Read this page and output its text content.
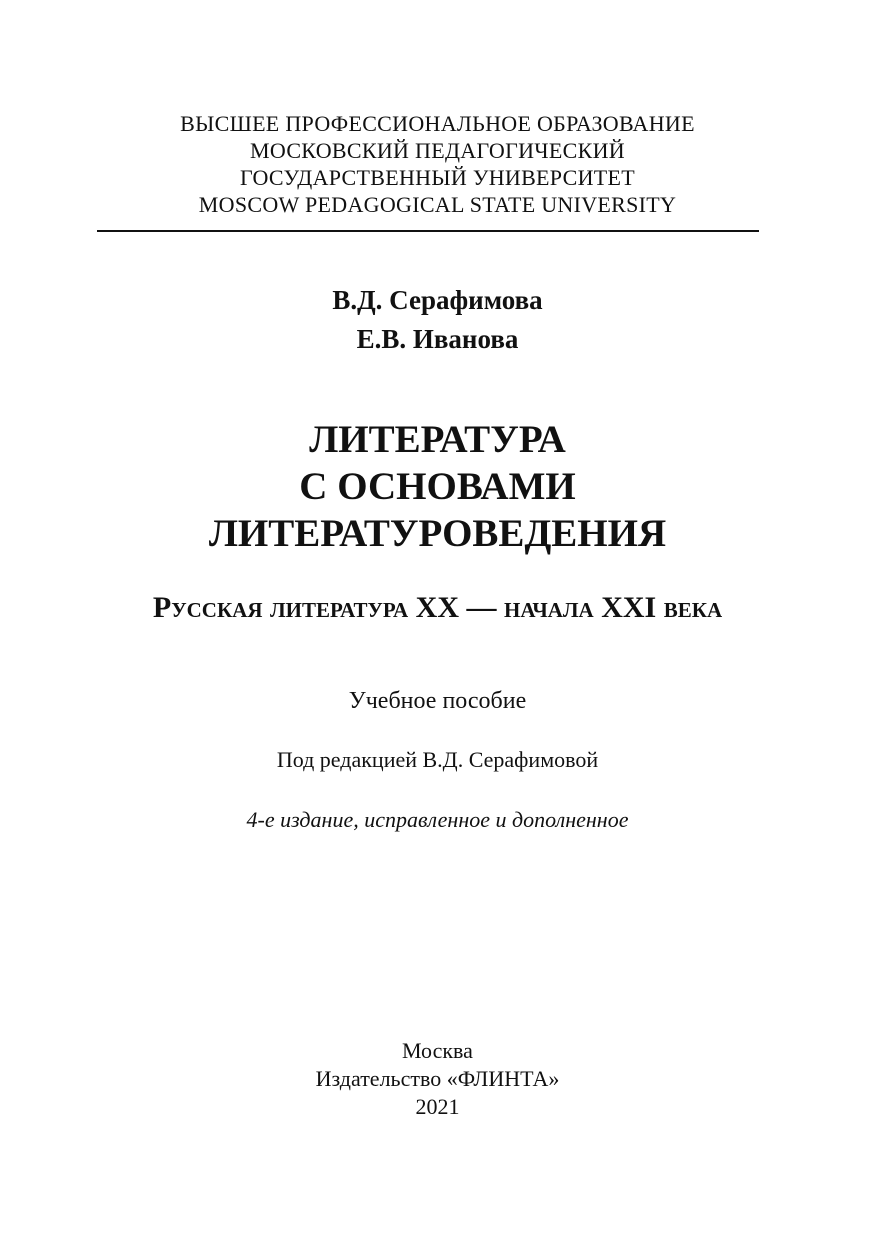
ВЫСШЕЕ ПРОФЕССИОНАЛЬНОЕ ОБРАЗОВАНИЕ
МОСКОВСКИЙ ПЕДАГОГИЧЕСКИЙ
ГОСУДАРСТВЕННЫЙ УНИВЕРСИТЕТ
MOSCOW PEDAGOGICAL STATE UNIVERSITY
В.Д. Серафимова
Е.В. Иванова
ЛИТЕРАТУРА
С ОСНОВАМИ
ЛИТЕРАТУРОВЕДЕНИЯ
Русская литература XX — начала XXI века
Учебное пособие
Под редакцией В.Д. Серафимовой
4-е издание, исправленное и дополненное
Москва
Издательство «ФЛИНТА»
2021
